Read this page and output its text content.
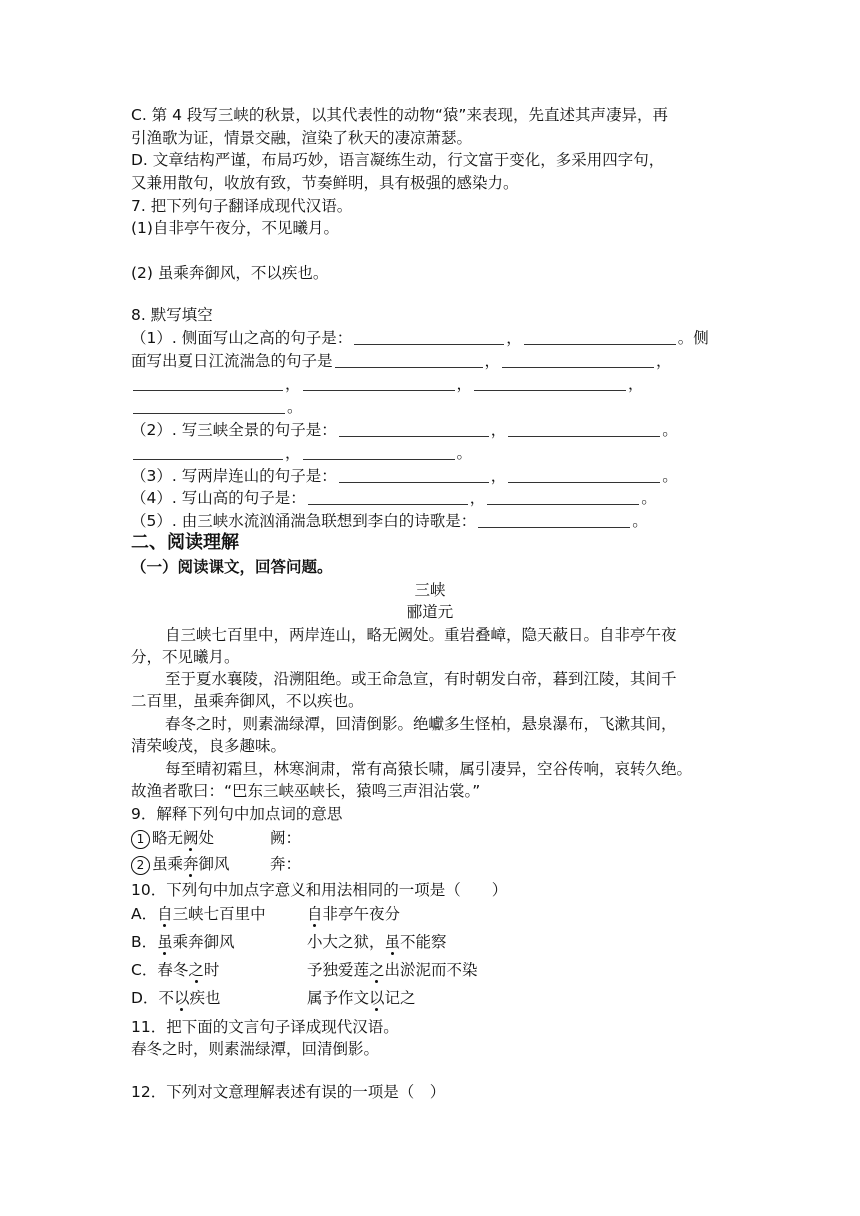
C. 第 4 段写三峡的秋景，以其代表性的动物“猿”来表现，先直述其声凄异，再
引渔歌为证，情景交融，渲染了秋天的凄凉萧瑟。
D. 文章结构严谨，布局巧妙，语言凝练生动，行文富于变化，多采用四字句，
又兼用散句，收放有致，节奏鲜明，具有极强的感染力。
7. 把下列句子翻译成现代汉语。
(1)自非亭午夜分，不见曦月。
(2) 虽乘奔御风，不以疾也。
8. 默写填空
（1）. 侧面写山之高的句子是：	，	。侧
面写出夏日江流湍急的句子是	，	，
，	，	，
。
（2）. 写三峡全景的句子是：	，	。
，	。
（3）. 写两岸连山的句子是：	，	。
（4）. 写山高的句子是：	，	。
（5）. 由三峡水流汹涌湍急联想到李白的诗歌是：	。
二、阅读理解
（一）阅读课文，回答问题。
三峡
郦道元
自三峡七百里中，两岸连山，略无阙处。重岩叠嶂，隐天蔽日。自非亭午夜
分，不见曦月。
至于夏水襄陵，沿溯阻绝。或王命急宣，有时朝发白帝，暮到江陵，其间千
二百里，虽乘奔御风，不以疾也。
春冬之时，则素湍绿潭，回清倒影。绝巘多生怪柏，悬泉瀑布，飞漱其间，
清荣峻茂，良多趣味。
每至晴初霜旦，林寒涧肃，常有高猿长啸，属引凄异，空谷传响，哀转久绝。
故渔者歌曰：“巴东三峡巫峡长，猿鸣三声泪沾裳。”
9．解释下列句中加点词的意思
1 略无阙处	阙：
2 虽乘奔御风	奔：
10．下列句中加点字意义和用法相同的一项是（　　）
A．自三峡七百里中	自非亭午夜分
B．虽乘奔御风	小大之狱，虽不能察
C．春冬之时	予独爱莲之出淤泥而不染
D．不以疾也	属予作文以记之
11．把下面的文言句子译成现代汉语。
春冬之时，则素湍绿潭，回清倒影。
12．下列对文意理解表述有误的一项是（　）
